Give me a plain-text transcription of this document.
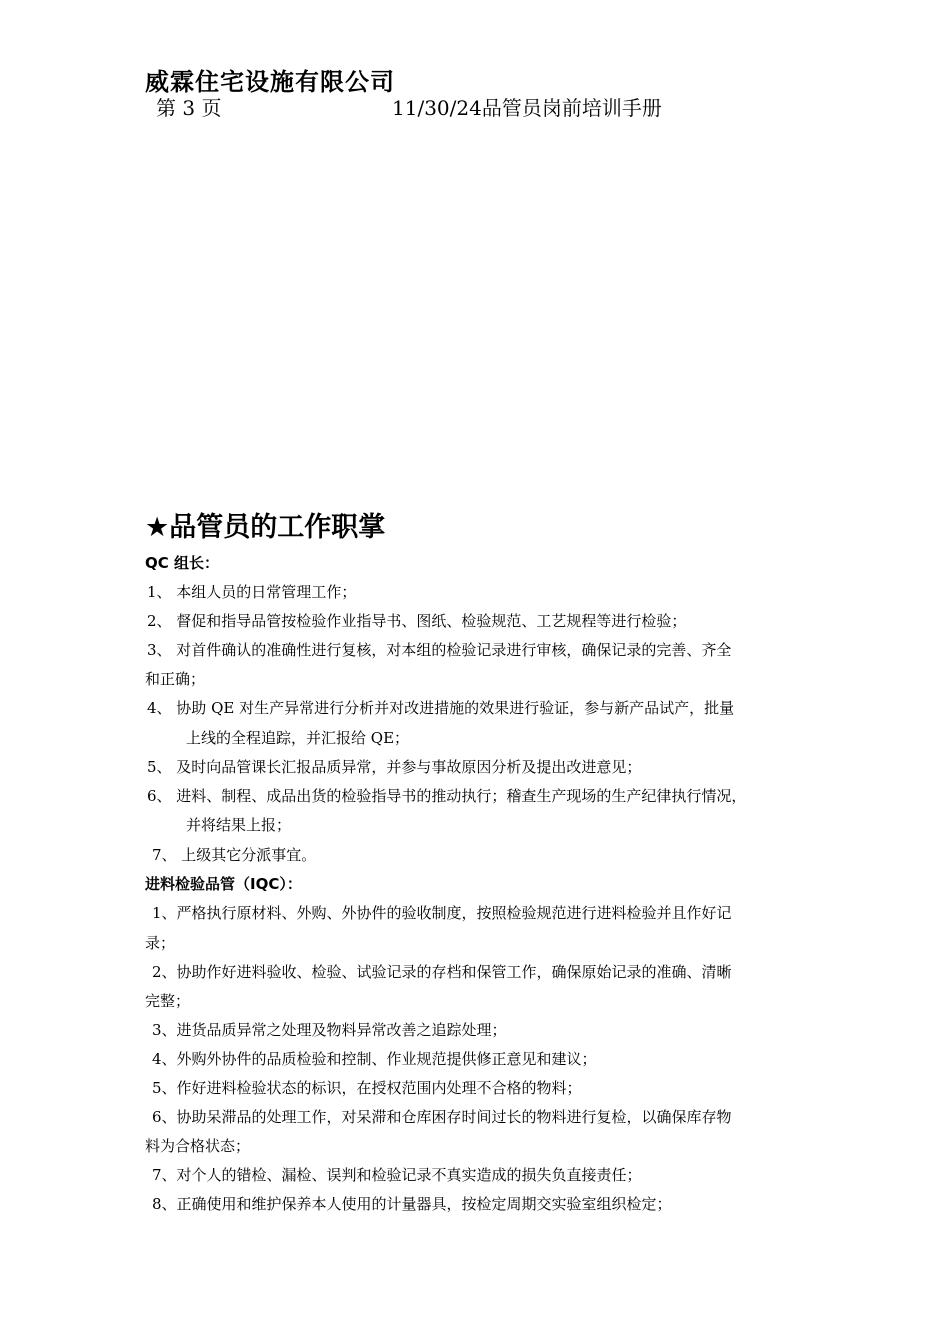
威霖住宅设施有限公司
第 3 页	11/30/24品管员岗前培训手册
★品管员的工作职掌
QC 组长：
1、 本组人员的日常管理工作；
2、 督促和指导品管按检验作业指导书、图纸、检验规范、工艺规程等进行检验；
3、 对首件确认的准确性进行复核，对本组的检验记录进行审核，确保记录的完善、齐全
和正确；
4、 协助 QE 对生产异常进行分析并对改进措施的效果进行验证，参与新产品试产，批量
上线的全程追踪，并汇报给 QE；
5、 及时向品管课长汇报品质异常，并参与事故原因分析及提出改进意见；
6、 进料、制程、成品出货的检验指导书的推动执行；稽查生产现场的生产纪律执行情况，
并将结果上报；
7、 上级其它分派事宜。
进料检验品管（IQC）：
1、严格执行原材料、外购、外协件的验收制度，按照检验规范进行进料检验并且作好记
录；
2、协助作好进料验收、检验、试验记录的存档和保管工作，确保原始记录的准确、清晰
完整；
3、进货品质异常之处理及物料异常改善之追踪处理；
4、外购外协件的品质检验和控制、作业规范提供修正意见和建议；
5、作好进料检验状态的标识，在授权范围内处理不合格的物料；
6、协助呆滞品的处理工作，对呆滞和仓库困存时间过长的物料进行复检，以确保库存物
料为合格状态；
7、对个人的错检、漏检、误判和检验记录不真实造成的损失负直接责任；
8、正确使用和维护保养本人使用的计量器具，按检定周期交实验室组织检定；
